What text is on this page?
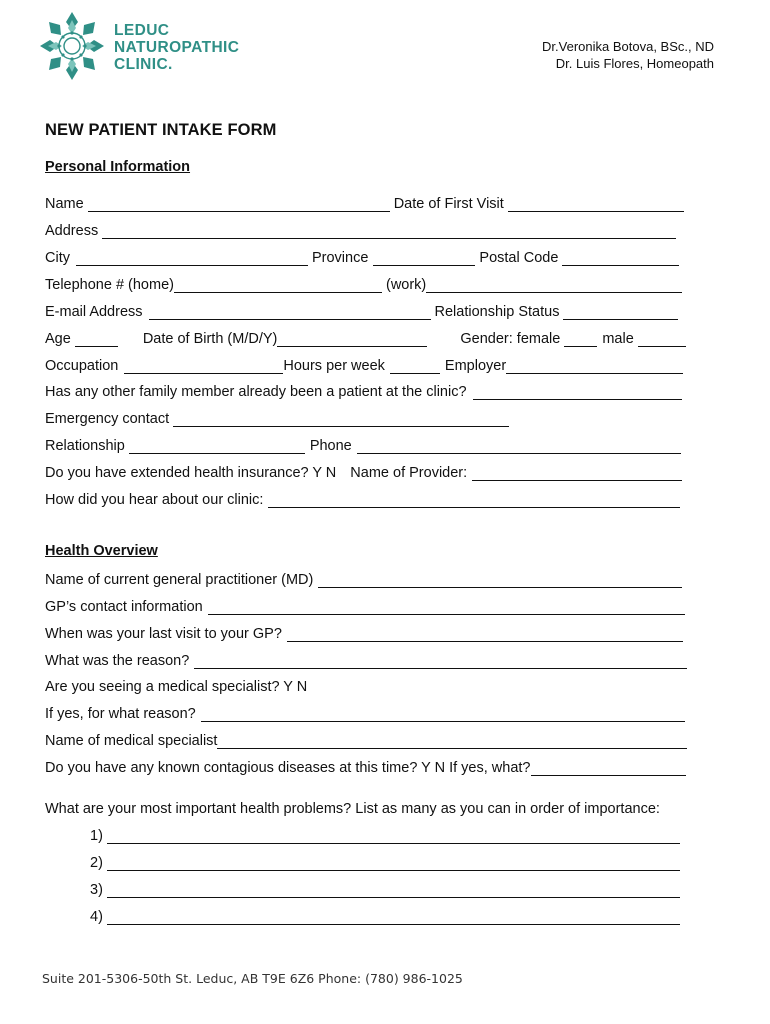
LEDUC
NATUROPATHIC
CLINIC.
Dr.Veronika Botova, BSc., ND
Dr. Luis Flores, Homeopath
NEW PATIENT INTAKE FORM
Personal Information
Name	Date of First Visit
Address
City	Province	Postal Code
Telephone # (home)	(work)
E-mail Address	Relationship Status
Age	Date of Birth (M/D/Y)	Gender: female	male
Occupation	Hours per week	Employer
Has any other family member already been a patient at the clinic?
Emergency contact
Relationship	Phone
Do you have extended health insurance? Y N Name of Provider:
How did you hear about our clinic:
Health Overview
Name of current general practitioner (MD)
GP’s contact information
When was your last visit to your GP?
What was the reason?
Are you seeing a medical specialist? Y N
If yes, for what reason?
Name of medical specialist
Do you have any known contagious diseases at this time? Y N If yes, what?
What are your most important health problems? List as many as you can in order of importance:
1)
2)
3)
4)
Suite 201-5306-50th St. Leduc, AB T9E 6Z6 Phone: (780) 986-1025
